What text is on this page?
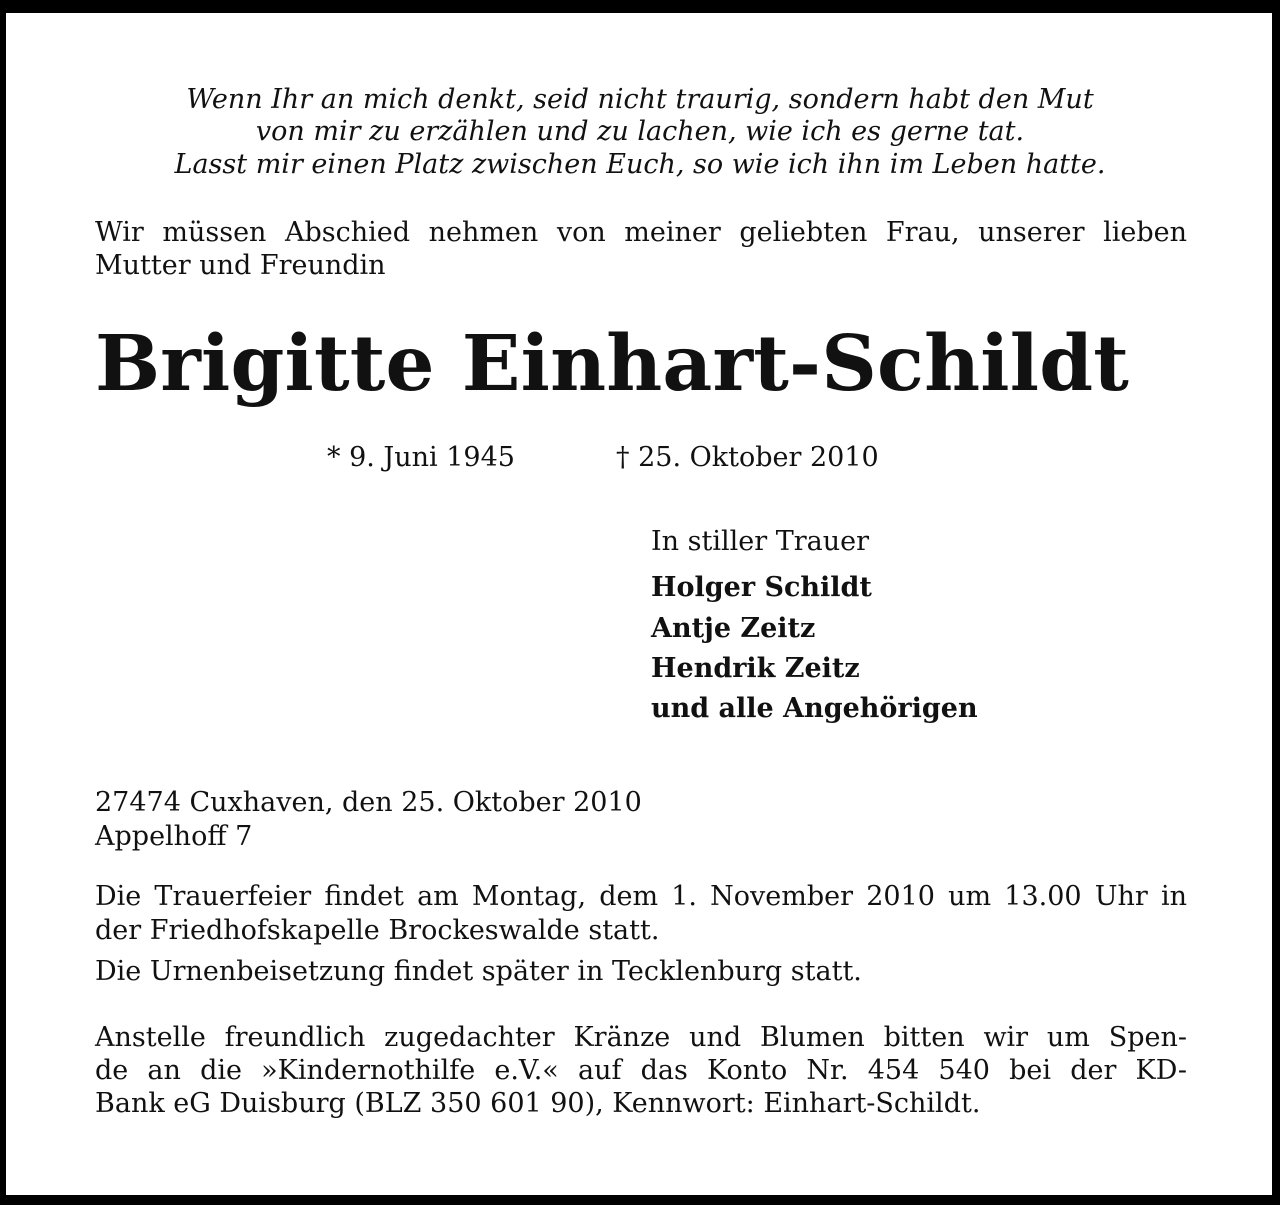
Wenn Ihr an mich denkt, seid nicht traurig, sondern habt den Mut
von mir zu erzählen und zu lachen, wie ich es gerne tat.
Lasst mir einen Platz zwischen Euch, so wie ich ihn im Leben hatte.
Wir müssen Abschied nehmen von meiner geliebten Frau, unserer lieben
Mutter und Freundin
Brigitte Einhart-Schildt
* 9. Juni 1945	† 25. Oktober 2010
In stiller Trauer
Holger Schildt
Antje Zeitz
Hendrik Zeitz
und alle Angehörigen
27474 Cuxhaven, den 25. Oktober 2010
Appelhoff 7
Die Trauerfeier findet am Montag, dem 1. November 2010 um 13.00 Uhr in
der Friedhofskapelle Brockeswalde statt.
Die Urnenbeisetzung findet später in Tecklenburg statt.
Anstelle freundlich zugedachter Kränze und Blumen bitten wir um Spen-
de an die »Kindernothilfe e.V.« auf das Konto Nr. 454 540 bei der KD-
Bank eG Duisburg (BLZ 350 601 90), Kennwort: Einhart-Schildt.
